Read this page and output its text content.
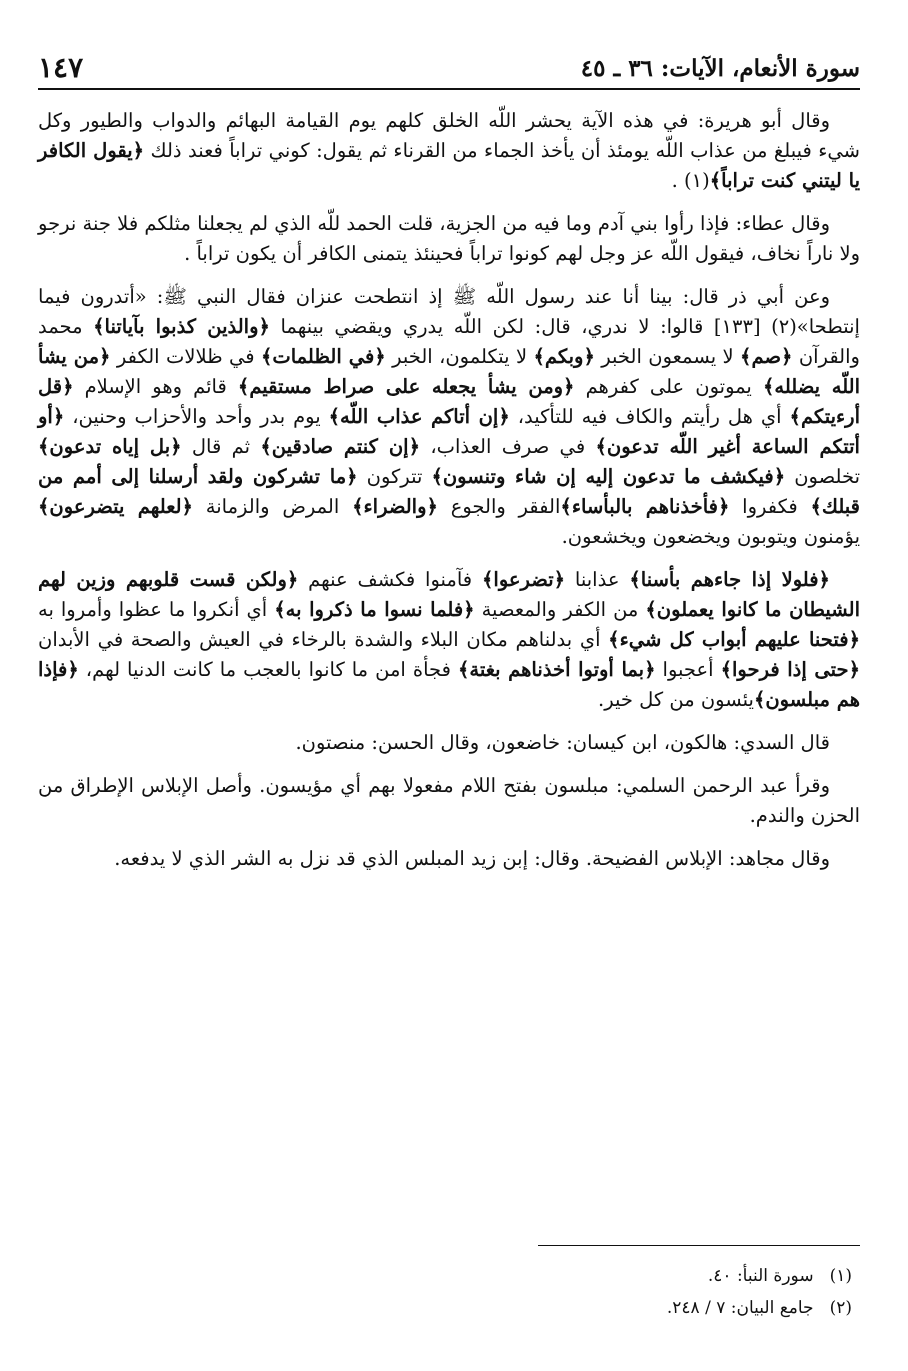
سورة الأنعام، الآيات: ٣٦ ـ ٤٥
١٤٧

وقال أبو هريرة: في هذه الآية يحشر اللّه الخلق كلهم يوم القيامة البهائم والدواب والطيور وكل شيء فيبلغ من عذاب اللّه يومئذ أن يأخذ الجماء من القرناء ثم يقول: كوني تراباً فعند ذلك ﴿يقول الكافر يا ليتني كنت تراباً﴾(١) .

وقال عطاء: فإذا رأوا بني آدم وما فيه من الجزية، قلت الحمد للّه الذي لم يجعلنا مثلكم فلا جنة نرجو ولا ناراً نخاف، فيقول اللّه عز وجل لهم كونوا تراباً فحينئذ يتمنى الكافر أن يكون تراباً .

وعن أبي ذر قال: بينا أنا عند رسول اللّه ﷺ إذ انتطحت عنزان فقال النبي ﷺ: «أتدرون فيما إنتطحا»(٢) [١٣٣] قالوا: لا ندري، قال: لكن اللّه يدري ويقضي بينهما ﴿والذين كذبوا بآياتنا﴾ محمد والقرآن ﴿صم﴾ لا يسمعون الخبر ﴿وبكم﴾ لا يتكلمون، الخبر ﴿في الظلمات﴾ في ظلالات الكفر ﴿من يشأ اللّه يضلله﴾ يموتون على كفرهم ﴿ومن يشأ يجعله على صراط مستقيم﴾ قائم وهو الإسلام ﴿قل أرءيتكم﴾ أي هل رأيتم والكاف فيه للتأكيد، ﴿إن أتاكم عذاب اللّه﴾ يوم بدر وأحد والأحزاب وحنين، ﴿أو أتتكم الساعة أغير اللّه تدعون﴾ في صرف العذاب، ﴿إن كنتم صادقين﴾ ثم قال ﴿بل إياه تدعون﴾ تخلصون ﴿فيكشف ما تدعون إليه إن شاء وتنسون﴾ تتركون ﴿ما تشركون ولقد أرسلنا إلى أمم من قبلك﴾ فكفروا ﴿فأخذناهم بالبأساء﴾الفقر والجوع ﴿والضراء﴾ المرض والزمانة ﴿لعلهم يتضرعون﴾ يؤمنون ويتوبون ويخضعون ويخشعون.

﴿فلولا إذا جاءهم بأسنا﴾ عذابنا ﴿تضرعوا﴾ فآمنوا فكشف عنهم ﴿ولكن قست قلوبهم وزين لهم الشيطان ما كانوا يعملون﴾ من الكفر والمعصية ﴿فلما نسوا ما ذكروا به﴾ أي أنكروا ما عظوا وأمروا به ﴿فتحنا عليهم أبواب كل شيء﴾ أي بدلناهم مكان البلاء والشدة بالرخاء في العيش والصحة في الأبدان ﴿حتى إذا فرحوا﴾ أعجبوا ﴿بما أوتوا أخذناهم بغتة﴾ فجأة امن ما كانوا بالعجب ما كانت الدنيا لهم، ﴿فإذا هم مبلسون﴾يئسون من كل خير.

قال السدي: هالكون، ابن كيسان: خاضعون، وقال الحسن: منصتون.

وقرأ عبد الرحمن السلمي: مبلسون بفتح اللام مفعولا بهم أي مؤيسون. وأصل الإبلاس الإطراق من الحزن والندم.

وقال مجاهد: الإبلاس الفضيحة. وقال: إبن زيد المبلس الذي قد نزل به الشر الذي لا يدفعه.

(١)
سورة النبأ: ٤٠.
(٢)
جامع البيان: ٧ / ٢٤٨.
